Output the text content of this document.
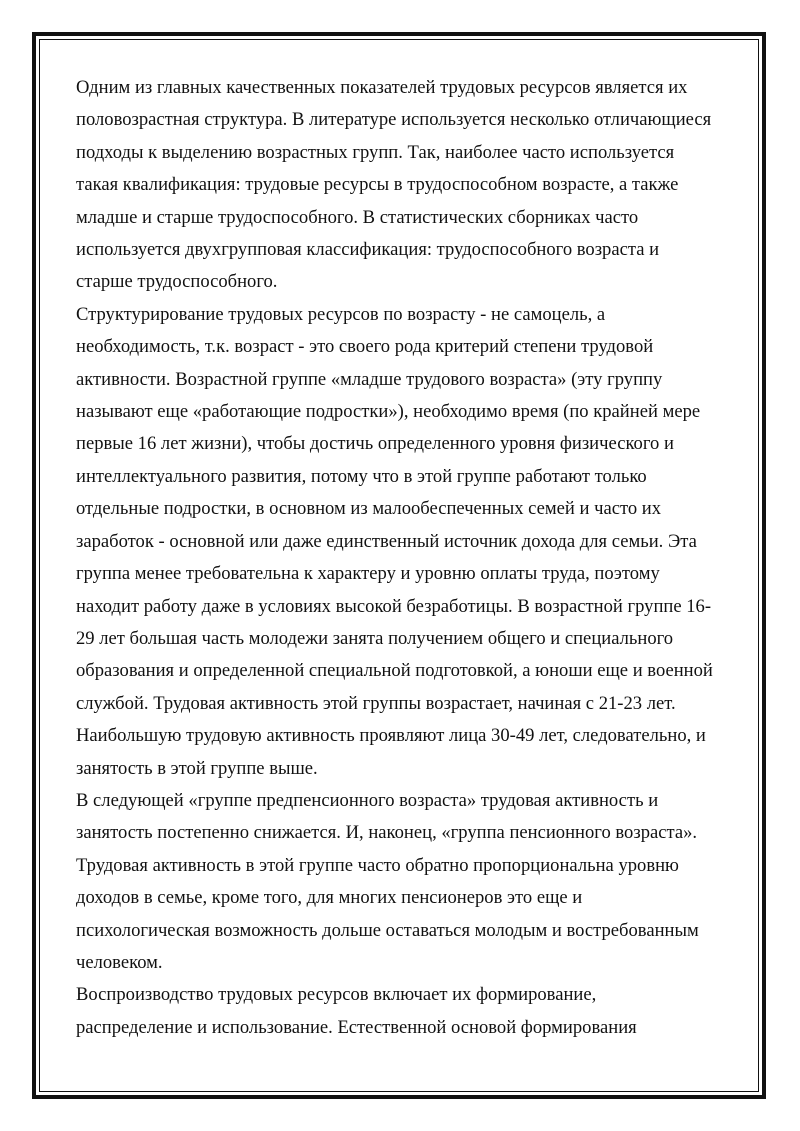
Одним из главных качественных показателей трудовых ресурсов является их
половозрастная структура. В литературе используется несколько отличающиеся
подходы к выделению возрастных групп. Так, наиболее часто используется
такая квалификация: трудовые ресурсы в трудоспособном возрасте, а также
младше и старше трудоспособного. В статистических сборниках часто
используется двухгрупповая классификация: трудоспособного возраста и
старше трудоспособного.

Структурирование трудовых ресурсов по возрасту - не самоцель, а
необходимость, т.к. возраст - это своего рода критерий степени трудовой
активности. Возрастной группе «младше трудового возраста» (эту группу
называют еще «работающие подростки»), необходимо время (по крайней мере
первые 16 лет жизни), чтобы достичь определенного уровня физического и
интеллектуального развития, потому что в этой группе работают только
отдельные подростки, в основном из малообеспеченных семей и часто их
заработок - основной или даже единственный источник дохода для семьи. Эта
группа менее требовательна к характеру и уровню оплаты труда, поэтому
находит работу даже в условиях высокой безработицы. В возрастной группе 16-
29 лет большая часть молодежи занята получением общего и специального
образования и определенной специальной подготовкой, а юноши еще и военной
службой. Трудовая активность этой группы возрастает, начиная с 21-23 лет.
Наибольшую трудовую активность проявляют лица 30-49 лет, следовательно, и
занятость в этой группе выше.

В следующей «группе предпенсионного возраста» трудовая активность и
занятость постепенно снижается. И, наконец, «группа пенсионного возраста».
Трудовая активность в этой группе часто обратно пропорциональна уровню
доходов в семье, кроме того, для многих пенсионеров это еще и
психологическая возможность дольше оставаться молодым и востребованным
человеком.

Воспроизводство трудовых ресурсов включает их формирование,
распределение и использование. Естественной основой формирования
